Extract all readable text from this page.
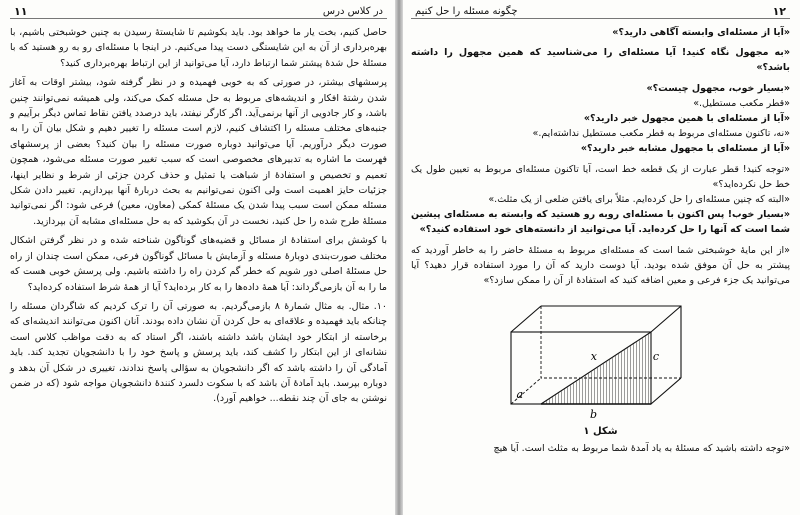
در کلاس درس
۱۱

حاصل کنیم، بخت یار ما خواهد بود. باید بکوشیم تا شایستهٔ رسیدن به چنین خوشبختی باشیم، با بهره‌برداری از آن به این شایستگی دست پیدا می‌کنیم. در اینجا با مسئله‌ای رو به رو هستید که با مسئلهٔ حل شدهٔ پیشتر شما ارتباط دارد، آیا می‌توانید از این ارتباط بهره‌برداری کنید؟

پرسشهای بیشتر، در صورتی که به خوبی فهمیده و در نظر گرفته شود، بیشتر اوقات به آغاز شدن رشتهٔ افکار و اندیشه‌های مربوط به حل مسئله کمک می‌کند، ولی همیشه نمی‌توانند چنین باشد، و کار جادویی از آنها برنمی‌آید. اگر کارگر نیفتد، باید درصدد یافتن نقاط تماس دیگر برآییم و جنبه‌های مختلف مسئله را اکتشاف کنیم، لازم است مسئله را تغییر دهیم و شکل بیان آن را به صورت دیگر درآوریم. آیا می‌توانید دوباره صورت مسئله را بیان کنید؟ بعضی از پرسشهای فهرست ما اشاره به تدبیرهای مخصوصی است که سبب تغییر صورت مسئله می‌شود، همچون تعمیم و تخصیص و استفادهٔ از شباهت یا تمثیل و حذف کردن جزئی از شرط و نظایر اینها، جزئیات حایز اهمیت است ولی اکنون نمی‌توانیم به بحث دربارهٔ آنها بپردازیم. تغییر دادن شکل مسئله ممکن است سبب پیدا شدن یک مسئلهٔ کمکی (معاون، معین) فرعی شود: اگر نمی‌توانید مسئلهٔ طرح شده را حل کنید، نخست در آن بکوشید که به حل مسئله‌ای مشابه آن بپردازید.

با کوشش برای استفادهٔ از مسائل و قضیه‌های گوناگون شناخته شده و در نظر گرفتن اشکال مختلف صورت‌بندی دوبارهٔ مسئله و آزمایش با مسائل گوناگون فرعی، ممکن است چندان از راه حل مسئلهٔ اصلی دور شویم که خطر گم کردن راه را داشته باشیم. ولی پرسش خوبی هست که ما را به آن بازمی‌گرداند: آیا همهٔ داده‌ها را به کار برده‌اید؟ آیا از همهٔ شرط استفاده کرده‌اید؟

۱۰. مثال. به مثال شمارهٔ ۸ بازمی‌گردیم. به صورتی آن را ترک کردیم که شاگردان مسئله را چنانکه باید فهمیده و علاقه‌ای به حل کردن آن نشان داده بودند. آنان اکنون می‌توانند اندیشه‌ای که برخاسته از ابتکار خود ایشان باشد داشته باشند، اگر استاد که به دقت مواظب کلاس است نشانه‌ای از این ابتکار را کشف کند، باید پرسش و پاسخ خود را با دانشجویان تجدید کند. باید آمادگی آن را داشته باشد که اگر دانشجویان به سؤالی پاسخ ندادند، تغییری در شکل آن بدهد و دوباره بپرسد. باید آمادهٔ آن باشد که با سکوت دلسرد کنندهٔ دانشجویان مواجه شود (که در ضمن نوشتن به جای آن چند نقطه... خواهیم آورد).

۱۲
چگونه مسئله را حل کنیم

«آیا از مسئله‌ای وابسته آگاهی دارید؟»

«به مجهول نگاه کنید! آیا مسئله‌ای را می‌شناسید که همین مجهول را داشته باشد؟»

«بسیار خوب، مجهول چیست؟»

«قطر مکعب مستطیل.»

«آیا از مسئله‌ای با همین مجهول خبر دارید؟»

«نه، تاکنون مسئله‌ای مربوط به قطر مکعب مستطیل نداشته‌ایم.»

«آیا از مسئله‌ای با مجهول مشابه خبر دارید؟»

«توجه کنید! قطر عبارت از یک قطعه خط است، آیا تاکنون مسئله‌ای مربوط به تعیین طول یک خط حل نکرده‌اید؟»

«البته که چنین مسئله‌ای را حل کرده‌ایم. مثلاً برای یافتن ضلعی از یک مثلث.»

«بسیار خوب! پس اکنون با مسئله‌ای روبه رو هستید که وابسته به مسئله‌ای پیشین شما است که آنها را حل کرده‌اید. آیا می‌توانید از دانسته‌های خود استفاده کنید؟»

«از این مایهٔ خوشبختی شما است که مسئله‌ای مربوط به مسئلهٔ حاضر را به خاطر آوردید که پیشتر به حل آن موفق شده بودید. آیا دوست دارید که آن را مورد استفاده قرار دهید؟ آیا می‌توانید یک جزء فرعی و معین اضافه کنید که استفادهٔ از آن را ممکن سازد؟»

a
b
c
x

شکل ۱

«توجه داشته باشید که مسئلهٔ به یاد آمدهٔ شما مربوط به مثلث است. آیا هیچ
